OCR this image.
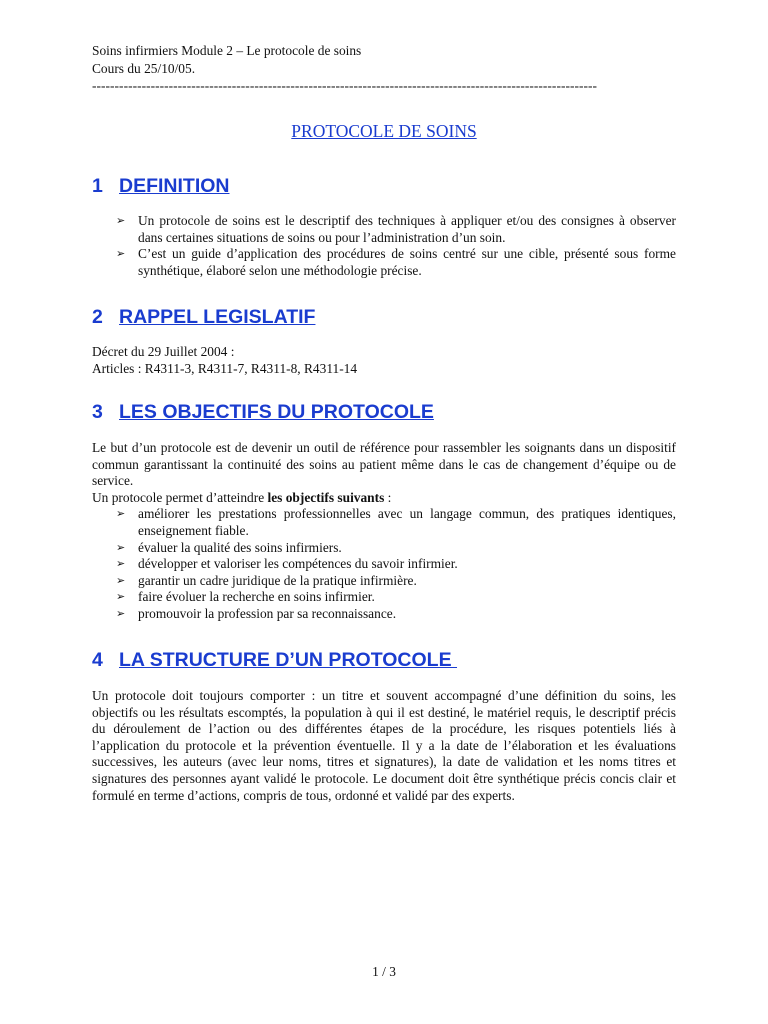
Soins infirmiers Module 2 – Le protocole de soins
Cours du 25/10/05.
----------------------------------------------------------------------------------------------------------------
PROTOCOLE DE SOINS
1 DEFINITION
➢ Un protocole de soins est le descriptif des techniques à appliquer et/ou des consignes à observer dans certaines situations de soins ou pour l’administration d’un soin.
➢ C’est un guide d’application des procédures de soins centré sur une cible, présenté sous forme synthétique, élaboré selon une méthodologie précise.
2 RAPPEL LEGISLATIF
Décret du 29 Juillet 2004 :
Articles : R4311-3, R4311-7, R4311-8, R4311-14
3 LES OBJECTIFS DU PROTOCOLE
Le but d’un protocole est de devenir un outil de référence pour rassembler les soignants dans un dispositif commun garantissant la continuité des soins au patient même dans le cas de changement d’équipe ou de service.
Un protocole permet d’atteindre les objectifs suivants :
➢ améliorer les prestations professionnelles avec un langage commun, des pratiques identiques, enseignement fiable.
➢ évaluer la qualité des soins infirmiers.
➢ développer et valoriser les compétences du savoir infirmier.
➢ garantir un cadre juridique de la pratique infirmière.
➢ faire évoluer la recherche en soins infirmier.
➢ promouvoir la profession par sa reconnaissance.
4 LA STRUCTURE D’UN PROTOCOLE
Un protocole doit toujours comporter : un titre et souvent accompagné d’une définition du soins, les objectifs ou les résultats escomptés, la population à qui il est destiné, le matériel requis, le descriptif précis du déroulement de l’action ou des différentes étapes de la procédure, les risques potentiels liés à l’application du protocole et la prévention éventuelle. Il y a la date de l’élaboration et les évaluations successives, les auteurs (avec leur noms, titres et signatures), la date de validation et les noms titres et signatures des personnes ayant validé le protocole. Le document doit être synthétique précis concis clair et formulé en terme d’actions, compris de tous, ordonné et validé par des experts.
1 / 3
